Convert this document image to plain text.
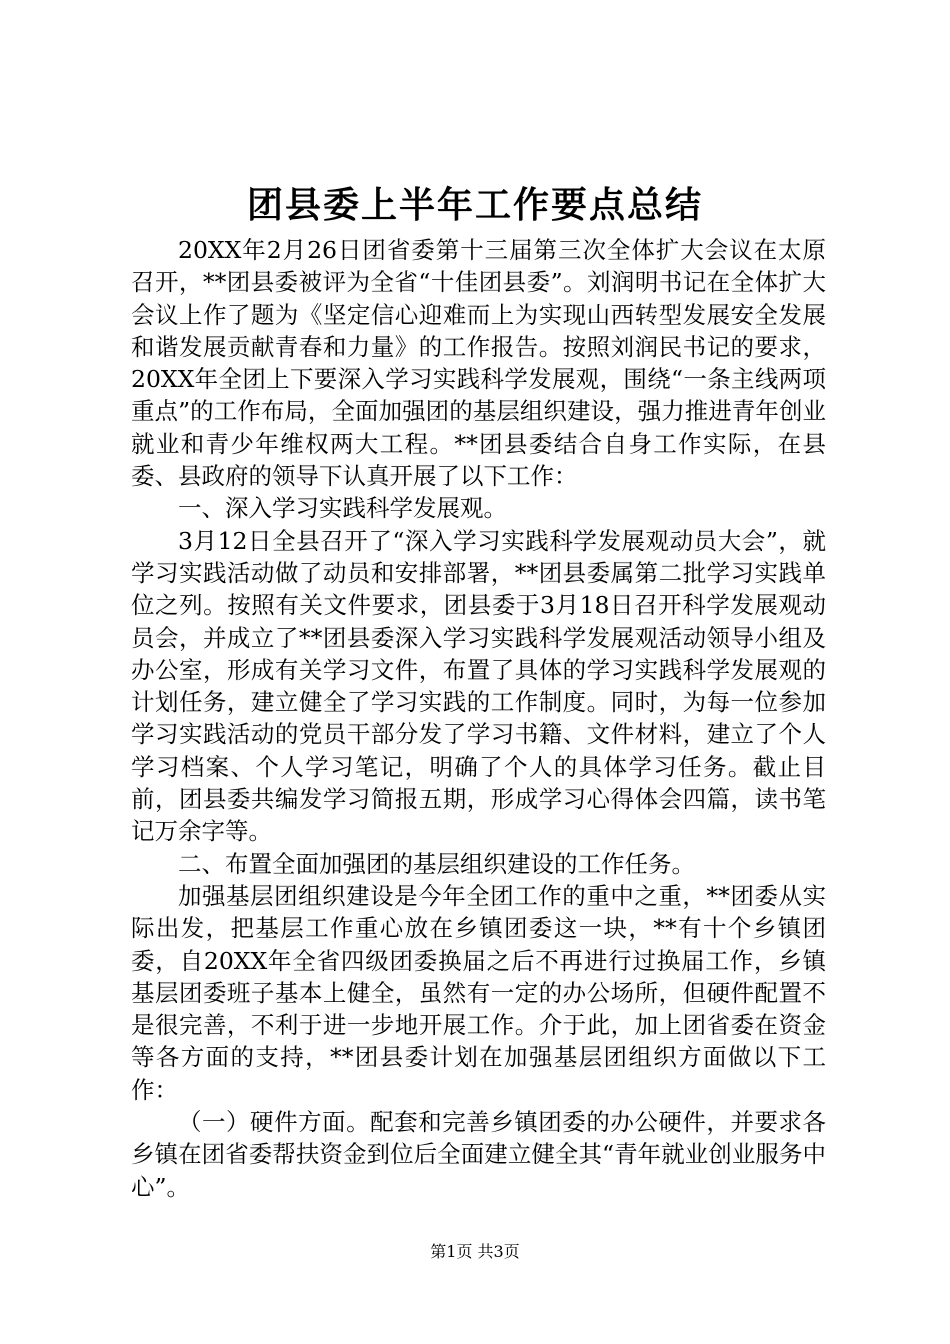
团县委上半年工作要点总结

20XX年2月26日团省委第十三届第三次全体扩大会议在太原召开，**团县委被评为全省“十佳团县委”。刘润明书记在全体扩大会议上作了题为《坚定信心迎难而上为实现山西转型发展安全发展和谐发展贡献青春和力量》的工作报告。按照刘润民书记的要求，20XX年全团上下要深入学习实践科学发展观，围绕“一条主线两项重点”的工作布局，全面加强团的基层组织建设，强力推进青年创业就业和青少年维权两大工程。**团县委结合自身工作实际，在县委、县政府的领导下认真开展了以下工作：

一、深入学习实践科学发展观。

3月12日全县召开了“深入学习实践科学发展观动员大会”，就学习实践活动做了动员和安排部署，**团县委属第二批学习实践单位之列。按照有关文件要求，团县委于3月18日召开科学发展观动员会，并成立了**团县委深入学习实践科学发展观活动领导小组及办公室，形成有关学习文件，布置了具体的学习实践科学发展观的计划任务，建立健全了学习实践的工作制度。同时，为每一位参加学习实践活动的党员干部分发了学习书籍、文件材料，建立了个人学习档案、个人学习笔记，明确了个人的具体学习任务。截止目前，团县委共编发学习简报五期，形成学习心得体会四篇，读书笔记万余字等。

二、布置全面加强团的基层组织建设的工作任务。

加强基层团组织建设是今年全团工作的重中之重，**团委从实际出发，把基层工作重心放在乡镇团委这一块，**有十个乡镇团委，自20XX年全省四级团委换届之后不再进行过换届工作，乡镇基层团委班子基本上健全，虽然有一定的办公场所，但硬件配置不是很完善，不利于进一步地开展工作。介于此，加上团省委在资金等各方面的支持，**团县委计划在加强基层团组织方面做以下工作：

（一）硬件方面。配套和完善乡镇团委的办公硬件，并要求各乡镇在团省委帮扶资金到位后全面建立健全其“青年就业创业服务中心”。

第1页 共3页
